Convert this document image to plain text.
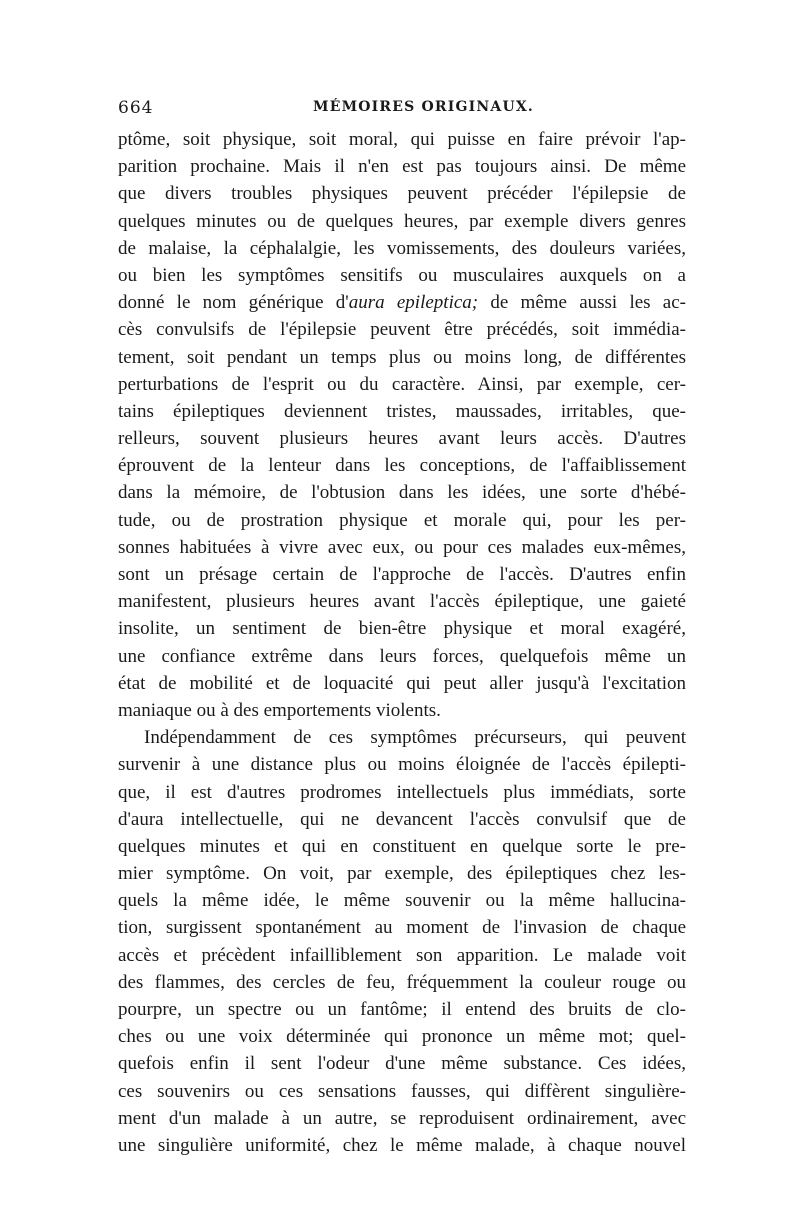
664	MÉMOIRES ORIGINAUX.
ptôme, soit physique, soit moral, qui puisse en faire prévoir l'ap-
parition prochaine. Mais il n'en est pas toujours ainsi. De même
que divers troubles physiques peuvent précéder l'épilepsie de
quelques minutes ou de quelques heures, par exemple divers genres
de malaise, la céphalalgie, les vomissements, des douleurs variées,
ou bien les symptômes sensitifs ou musculaires auxquels on a
donné le nom générique d'aura epileptica; de même aussi les ac-
cès convulsifs de l'épilepsie peuvent être précédés, soit immédia-
tement, soit pendant un temps plus ou moins long, de différentes
perturbations de l'esprit ou du caractère. Ainsi, par exemple, cer-
tains épileptiques deviennent tristes, maussades, irritables, que-
relleurs, souvent plusieurs heures avant leurs accès. D'autres
éprouvent de la lenteur dans les conceptions, de l'affaiblissement
dans la mémoire, de l'obtusion dans les idées, une sorte d'hébé-
tude, ou de prostration physique et morale qui, pour les per-
sonnes habituées à vivre avec eux, ou pour ces malades eux-mêmes,
sont un présage certain de l'approche de l'accès. D'autres enfin
manifestent, plusieurs heures avant l'accès épileptique, une gaieté
insolite, un sentiment de bien-être physique et moral exagéré,
une confiance extrême dans leurs forces, quelquefois même un
état de mobilité et de loquacité qui peut aller jusqu'à l'excitation
maniaque ou à des emportements violents.
Indépendamment de ces symptômes précurseurs, qui peuvent
survenir à une distance plus ou moins éloignée de l'accès épilepti-
que, il est d'autres prodromes intellectuels plus immédiats, sorte
d'aura intellectuelle, qui ne devancent l'accès convulsif que de
quelques minutes et qui en constituent en quelque sorte le pre-
mier symptôme. On voit, par exemple, des épileptiques chez les-
quels la même idée, le même souvenir ou la même hallucina-
tion, surgissent spontanément au moment de l'invasion de chaque
accès et précèdent infailliblement son apparition. Le malade voit
des flammes, des cercles de feu, fréquemment la couleur rouge ou
pourpre, un spectre ou un fantôme; il entend des bruits de clo-
ches ou une voix déterminée qui prononce un même mot; quel-
quefois enfin il sent l'odeur d'une même substance. Ces idées,
ces souvenirs ou ces sensations fausses, qui diffèrent singulière-
ment d'un malade à un autre, se reproduisent ordinairement, avec
une singulière uniformité, chez le même malade, à chaque nouvel
